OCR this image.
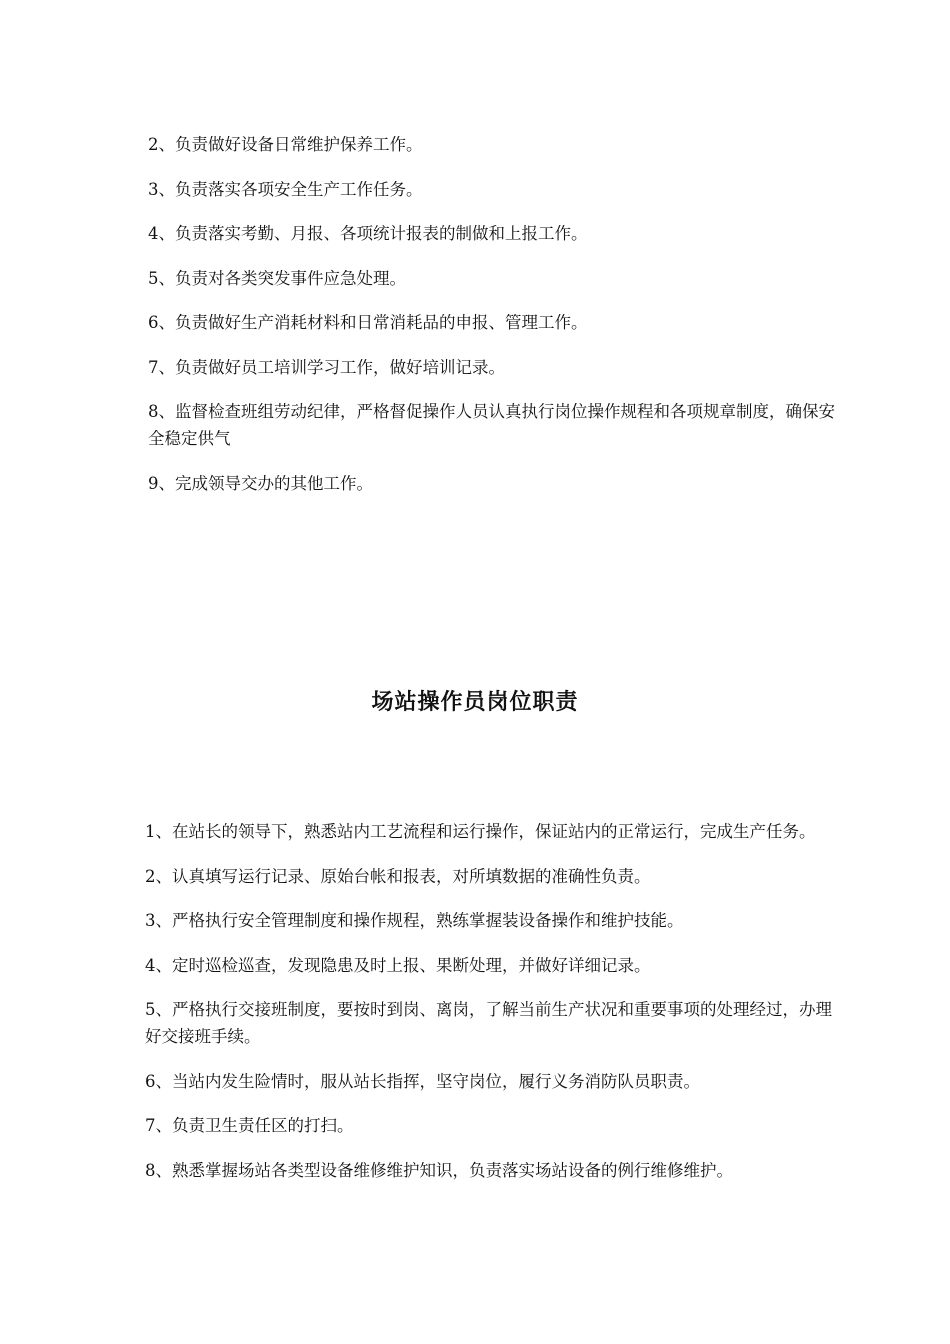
2、负责做好设备日常维护保养工作。
3、负责落实各项安全生产工作任务。
4、负责落实考勤、月报、各项统计报表的制做和上报工作。
5、负责对各类突发事件应急处理。
6、负责做好生产消耗材料和日常消耗品的申报、管理工作。
7、负责做好员工培训学习工作，做好培训记录。
8、监督检查班组劳动纪律，严格督促操作人员认真执行岗位操作规程和各项规章制度，确保安全稳定供气
9、完成领导交办的其他工作。
场站操作员岗位职责
1、在站长的领导下，熟悉站内工艺流程和运行操作，保证站内的正常运行，完成生产任务。
2、认真填写运行记录、原始台帐和报表，对所填数据的准确性负责。
3、严格执行安全管理制度和操作规程，熟练掌握装设备操作和维护技能。
4、定时巡检巡查，发现隐患及时上报、果断处理，并做好详细记录。
5、严格执行交接班制度，要按时到岗、离岗，了解当前生产状况和重要事项的处理经过，办理好交接班手续。
6、当站内发生险情时，服从站长指挥，坚守岗位，履行义务消防队员职责。
7、负责卫生责任区的打扫。
8、熟悉掌握场站各类型设备维修维护知识，负责落实场站设备的例行维修维护。
